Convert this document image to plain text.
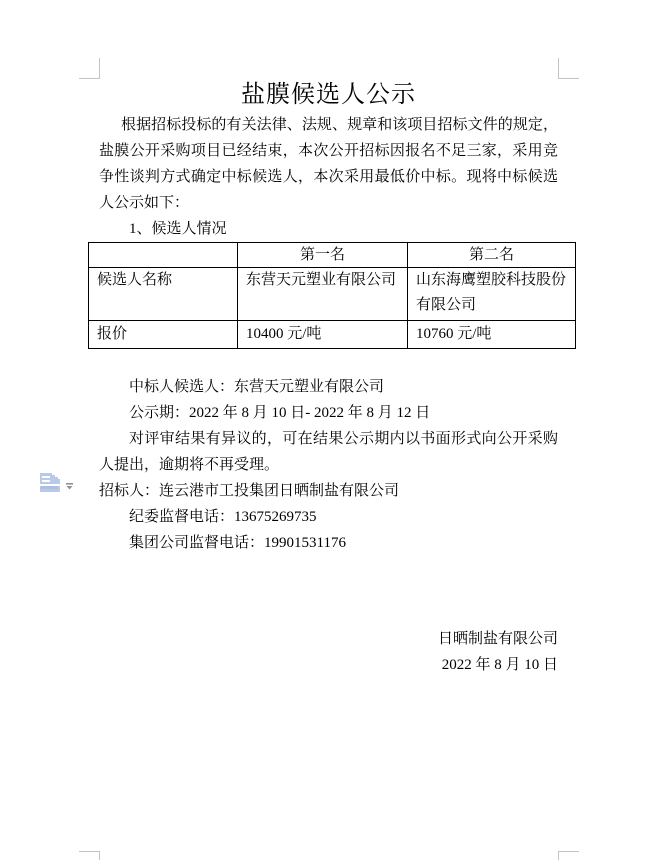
盐膜候选人公示
根据招标投标的有关法律、法规、规章和该项目招标文件的规定，
盐膜公开采购项目已经结束，本次公开招标因报名不足三家，采用竞
争性谈判方式确定中标候选人，本次采用最低价中标。现将中标候选
人公示如下：
1、候选人情况
	第一名	第二名
候选人名称	东营天元塑业有限公司	山东海鹰塑胶科技股份有限公司
报价	10400 元/吨	10760 元/吨
中标人候选人：东营天元塑业有限公司
公示期：2022 年 8 月 10 日- 2022 年 8 月 12 日
对评审结果有异议的，可在结果公示期内以书面形式向公开采购
人提出，逾期将不再受理。
招标人：连云港市工投集团日晒制盐有限公司
纪委监督电话：13675269735
集团公司监督电话：19901531176
日晒制盐有限公司
2022 年 8 月 10 日
